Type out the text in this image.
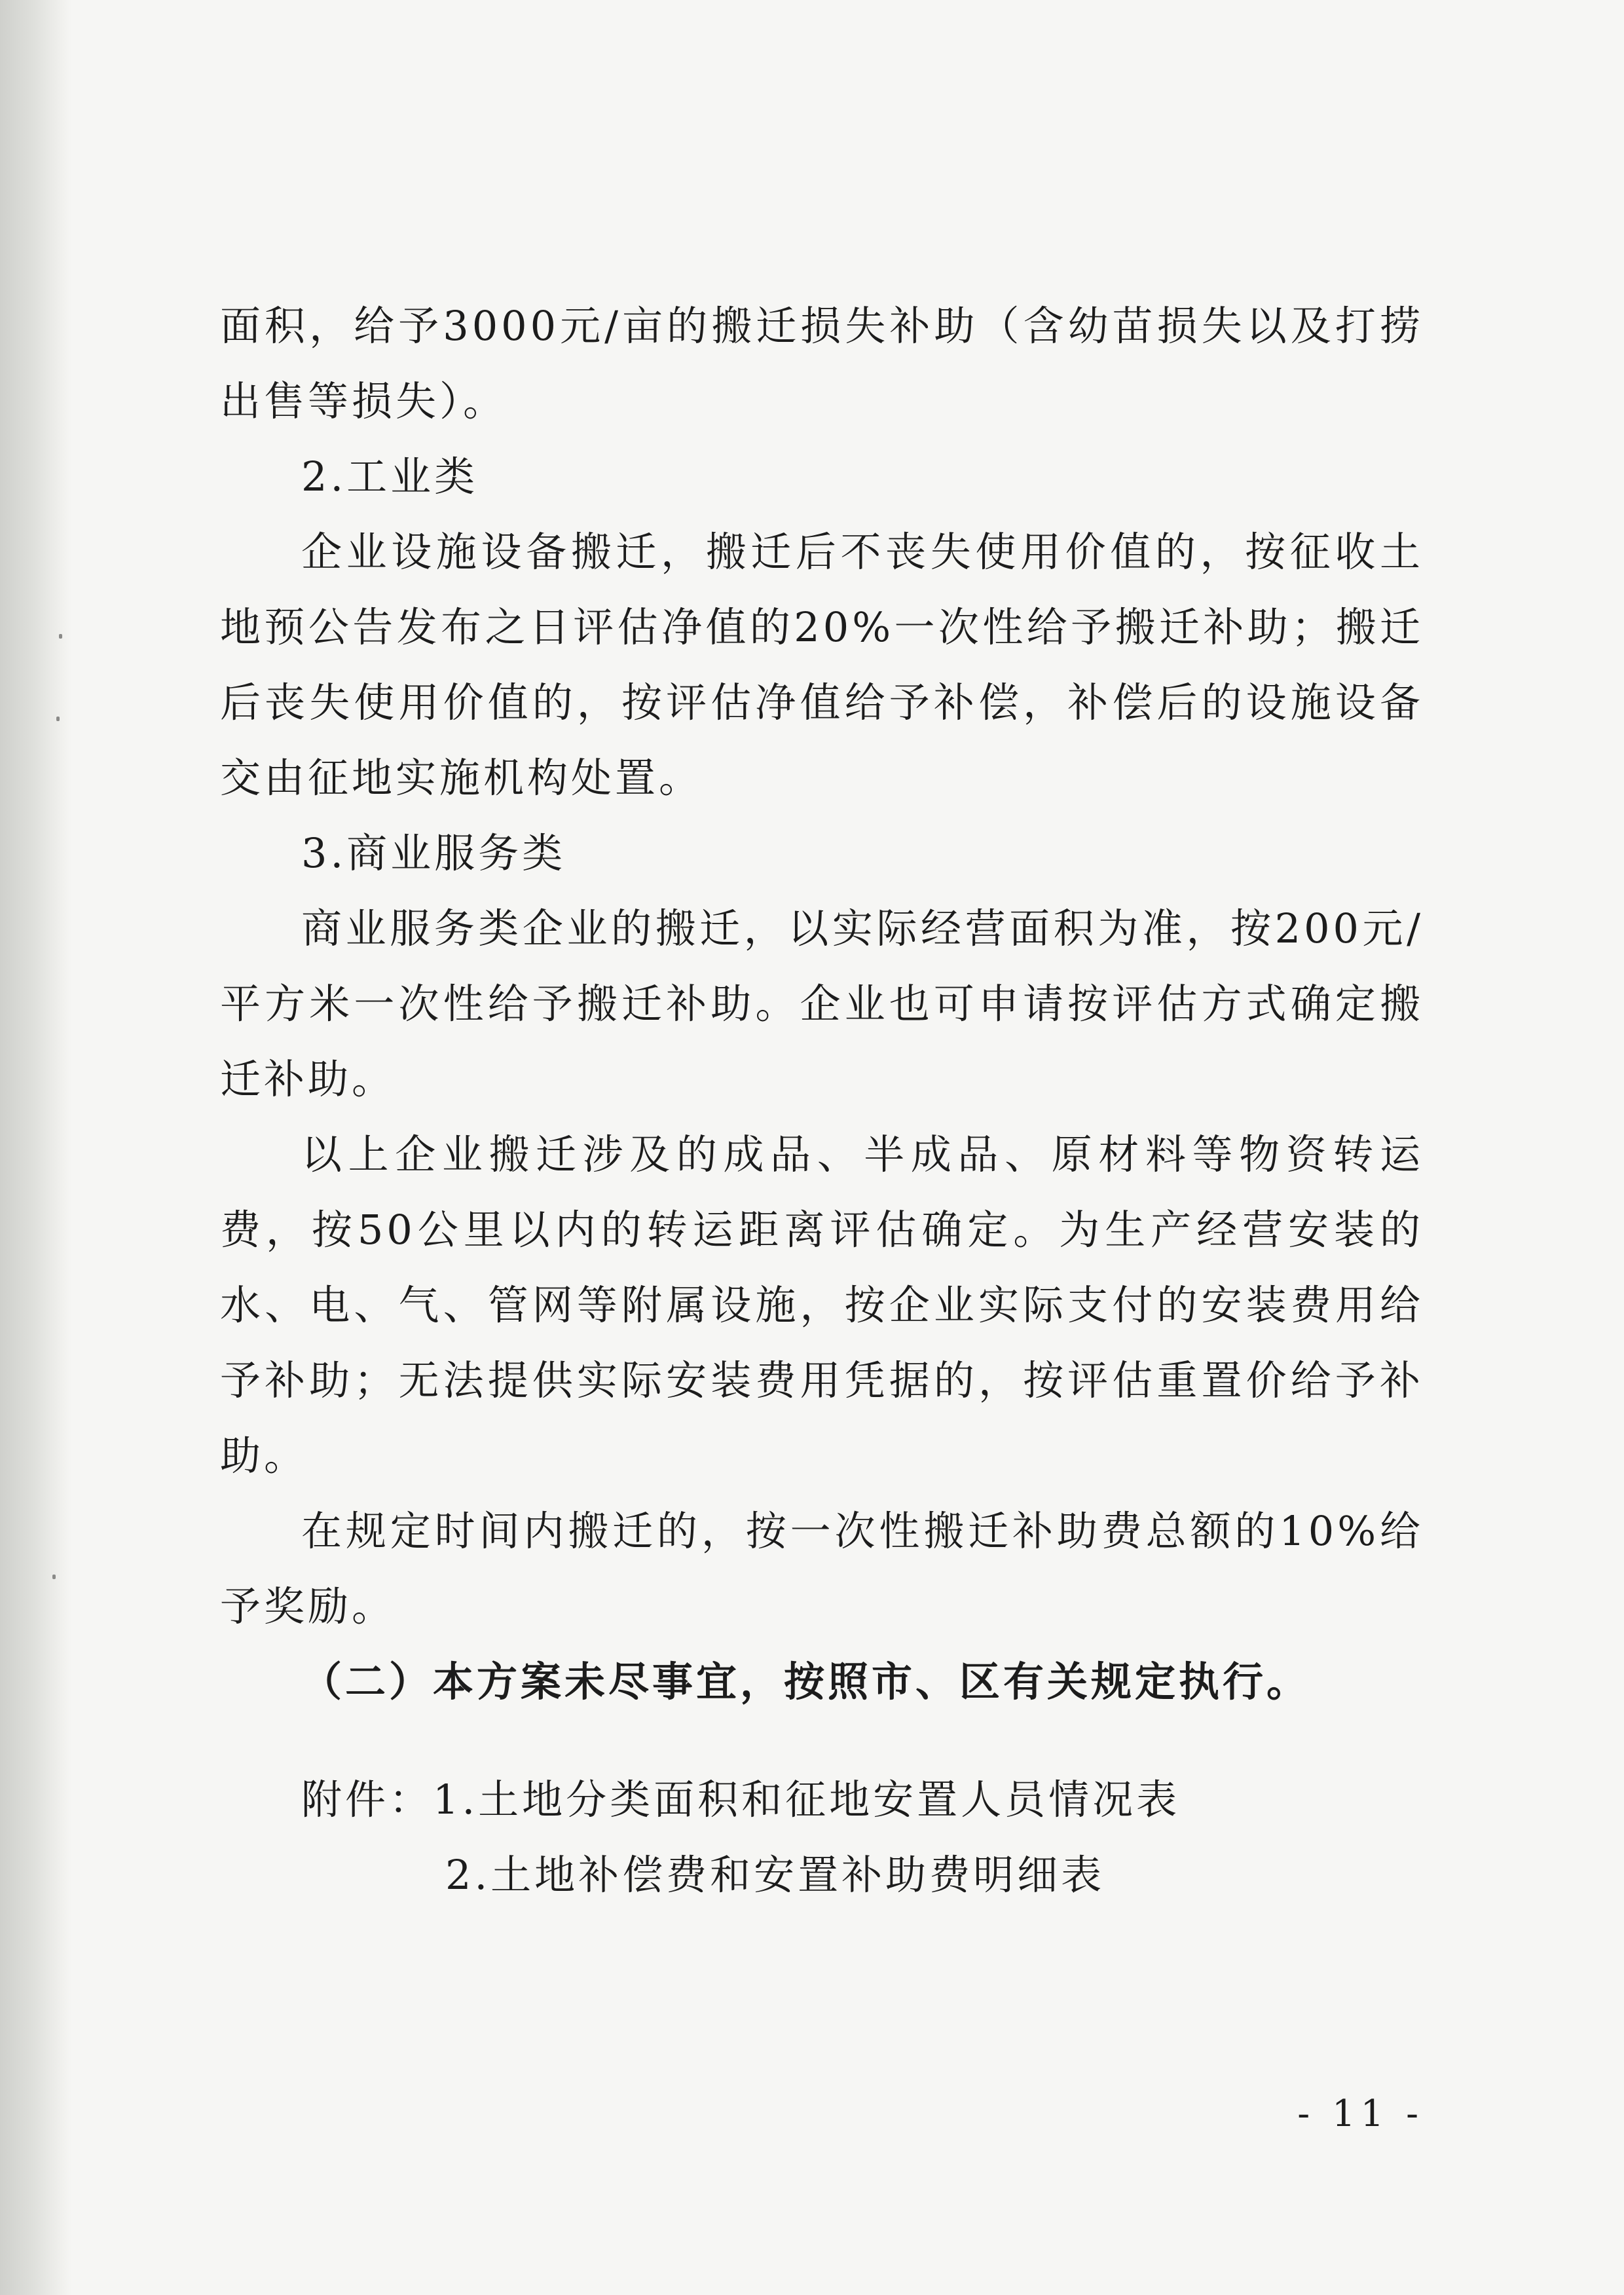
面积，给予3000元/亩的搬迁损失补助（含幼苗损失以及打捞出售等损失）。

2.工业类

企业设施设备搬迁，搬迁后不丧失使用价值的，按征收土地预公告发布之日评估净值的20%一次性给予搬迁补助；搬迁后丧失使用价值的，按评估净值给予补偿，补偿后的设施设备交由征地实施机构处置。

3.商业服务类

商业服务类企业的搬迁，以实际经营面积为准，按200元/平方米一次性给予搬迁补助。企业也可申请按评估方式确定搬迁补助。

以上企业搬迁涉及的成品、半成品、原材料等物资转运费，按50公里以内的转运距离评估确定。为生产经营安装的水、电、气、管网等附属设施，按企业实际支付的安装费用给予补助；无法提供实际安装费用凭据的，按评估重置价给予补助。

在规定时间内搬迁的，按一次性搬迁补助费总额的10%给予奖励。

（二）本方案未尽事宜，按照市、区有关规定执行。

附件： 1.土地分类面积和征地安置人员情况表
2.土地补偿费和安置补助费明细表
- 11 -
